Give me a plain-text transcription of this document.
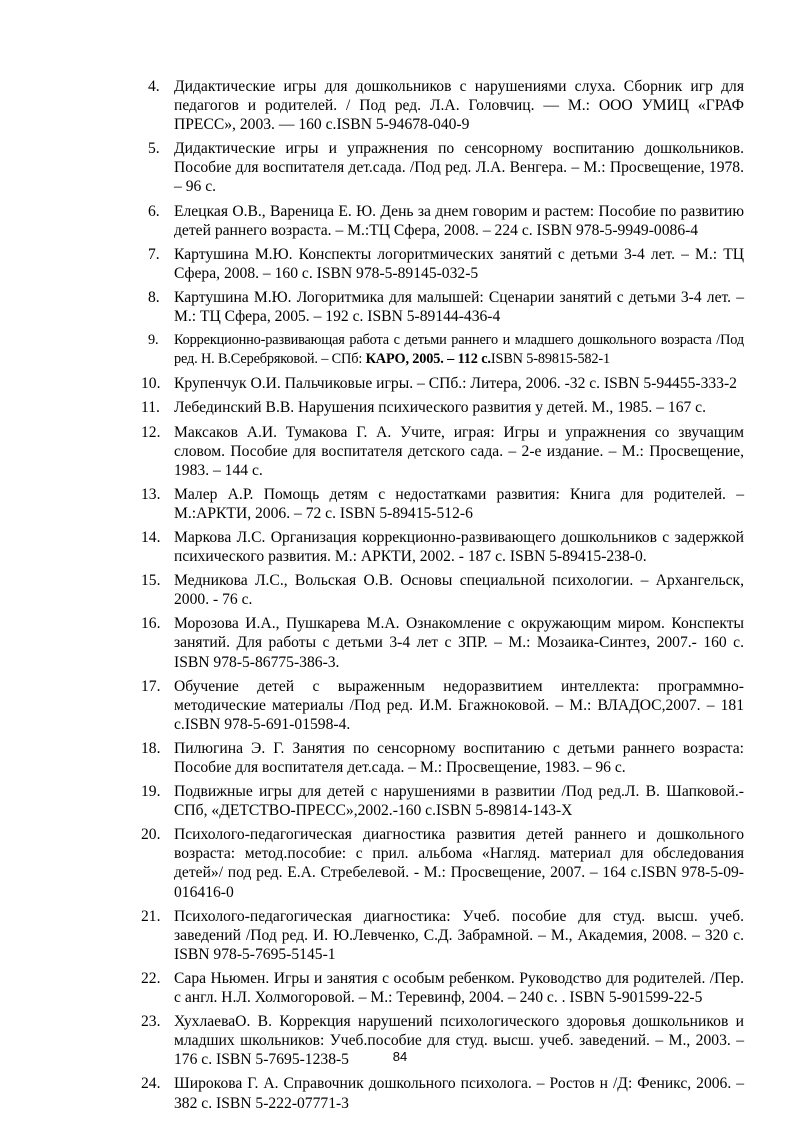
4. Дидактические игры для дошкольников с нарушениями слуха. Сборник игр для педагогов и родителей. / Под ред. Л.А. Головчиц. — М.: ООО УМИЦ «ГРАФ ПРЕСС», 2003. — 160 с.ISBN 5-94678-040-9
5. Дидактические игры и упражнения по сенсорному воспитанию дошкольников. Пособие для воспитателя дет.сада. /Под ред. Л.А. Венгера. – М.: Просвещение, 1978. – 96 с.
6. Елецкая О.В., Вареница Е. Ю. День за днем говорим и растем: Пособие по развитию детей раннего возраста. – М.:ТЦ Сфера, 2008. – 224 с. ISBN 978-5-9949-0086-4
7. Картушина М.Ю. Конспекты логоритмических занятий с детьми 3-4 лет. – М.: ТЦ Сфера, 2008. – 160 с. ISBN 978-5-89145-032-5
8. Картушина М.Ю. Логоритмика для малышей: Сценарии занятий с детьми 3-4 лет. – М.: ТЦ Сфера, 2005. – 192 с. ISBN 5-89144-436-4
9. Коррекционно-развивающая работа с детьми раннего и младшего дошкольного возраста /Под ред. Н. В.Серебряковой. – СПб: КАРО, 2005. – 112 с.ISBN 5-89815-582-1
10. Крупенчук О.И. Пальчиковые игры. – СПб.: Литера, 2006. -32 с. ISBN 5-94455-333-2
11. Лебединский В.В. Нарушения психического развития у детей. М., 1985. – 167 с.
12. Максаков А.И. Тумакова Г. А. Учите, играя: Игры и упражнения со звучащим словом. Пособие для воспитателя детского сада. – 2-е издание. – М.: Просвещение, 1983. – 144 с.
13. Малер А.Р. Помощь детям с недостатками развития: Книга для родителей. – М.:АРКТИ, 2006. – 72 с. ISBN 5-89415-512-6
14. Маркова Л.С. Организация коррекционно-развивающего дошкольников с задержкой психического развития. М.: АРКТИ, 2002. - 187 с. ISBN 5-89415-238-0.
15. Медникова Л.С., Вольская О.В. Основы специальной психологии. – Архангельск, 2000. - 76 с.
16. Морозова И.А., Пушкарева М.А. Ознакомление с окружающим миром. Конспекты занятий. Для работы с детьми 3-4 лет с ЗПР. – М.: Мозаика-Синтез, 2007.- 160 с. ISBN 978-5-86775-386-3.
17. Обучение детей с выраженным недоразвитием интеллекта: программно-методические материалы /Под ред. И.М. Бгажноковой. – М.: ВЛАДОС,2007. – 181 с.ISBN 978-5-691-01598-4.
18. Пилюгина Э. Г. Занятия по сенсорному воспитанию с детьми раннего возраста: Пособие для воспитателя дет.сада. – М.: Просвещение, 1983. – 96 с.
19. Подвижные игры для детей с нарушениями в развитии /Под ред.Л. В. Шапковой.- СПб, «ДЕТСТВО-ПРЕСС»,2002.-160 с.ISBN 5-89814-143-X
20. Психолого-педагогическая диагностика развития детей раннего и дошкольного возраста: метод.пособие: с прил. альбома «Нагляд. материал для обследования детей»/ под ред. Е.А. Стребелевой. - М.: Просвещение, 2007. – 164 с.ISBN 978-5-09-016416-0
21. Психолого-педагогическая диагностика: Учеб. пособие для студ. высш. учеб. заведений /Под ред. И. Ю.Левченко, С.Д. Забрамной. – М., Академия, 2008. – 320 с. ISBN 978-5-7695-5145-1
22. Сара Ньюмен. Игры и занятия с особым ребенком. Руководство для родителей. /Пер. с англ. Н.Л. Холмогоровой. – М.: Теревинф, 2004. – 240 с. . ISBN 5-901599-22-5
23. ХухлаеваО. В. Коррекция нарушений психологического здоровья дошкольников и младших школьников: Учеб.пособие для студ. высш. учеб. заведений. – М., 2003. – 176 с. ISBN 5-7695-1238-5
24. Широкова Г. А. Справочник дошкольного психолога. – Ростов н /Д: Феникс, 2006. – 382 с. ISBN 5-222-07771-3
84
